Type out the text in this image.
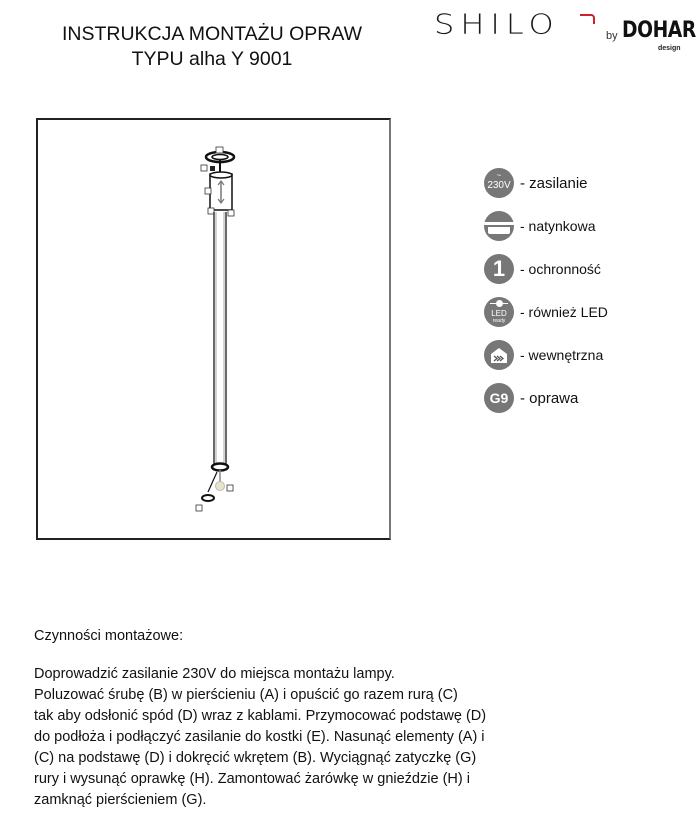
INSTRUKCJA MONTAŻU OPRAW
TYPU alha Y 9001
SHILO	by DOHAR
design
~
230V - zasilanie
- natynkowa
1 - ochronność
LED
ready
- również LED
- wewnętrzna
G9 - oprawa
Czynności montażowe:
Doprowadzić zasilanie 230V do miejsca montażu lampy.
Poluzować śrubę (B) w pierścieniu (A) i opuścić go razem rurą (C)
tak aby odsłonić spód (D) wraz z kablami. Przymocować podstawę (D)
do podłoża i podłączyć zasilanie do kostki (E). Nasunąć elementy (A) i
(C) na podstawę (D) i dokręcić wkrętem (B). Wyciągnąć zatyczkę (G)
rury i wysunąć oprawkę (H). Zamontować żarówkę w gnieździe (H) i
zamknąć pierścieniem (G).
